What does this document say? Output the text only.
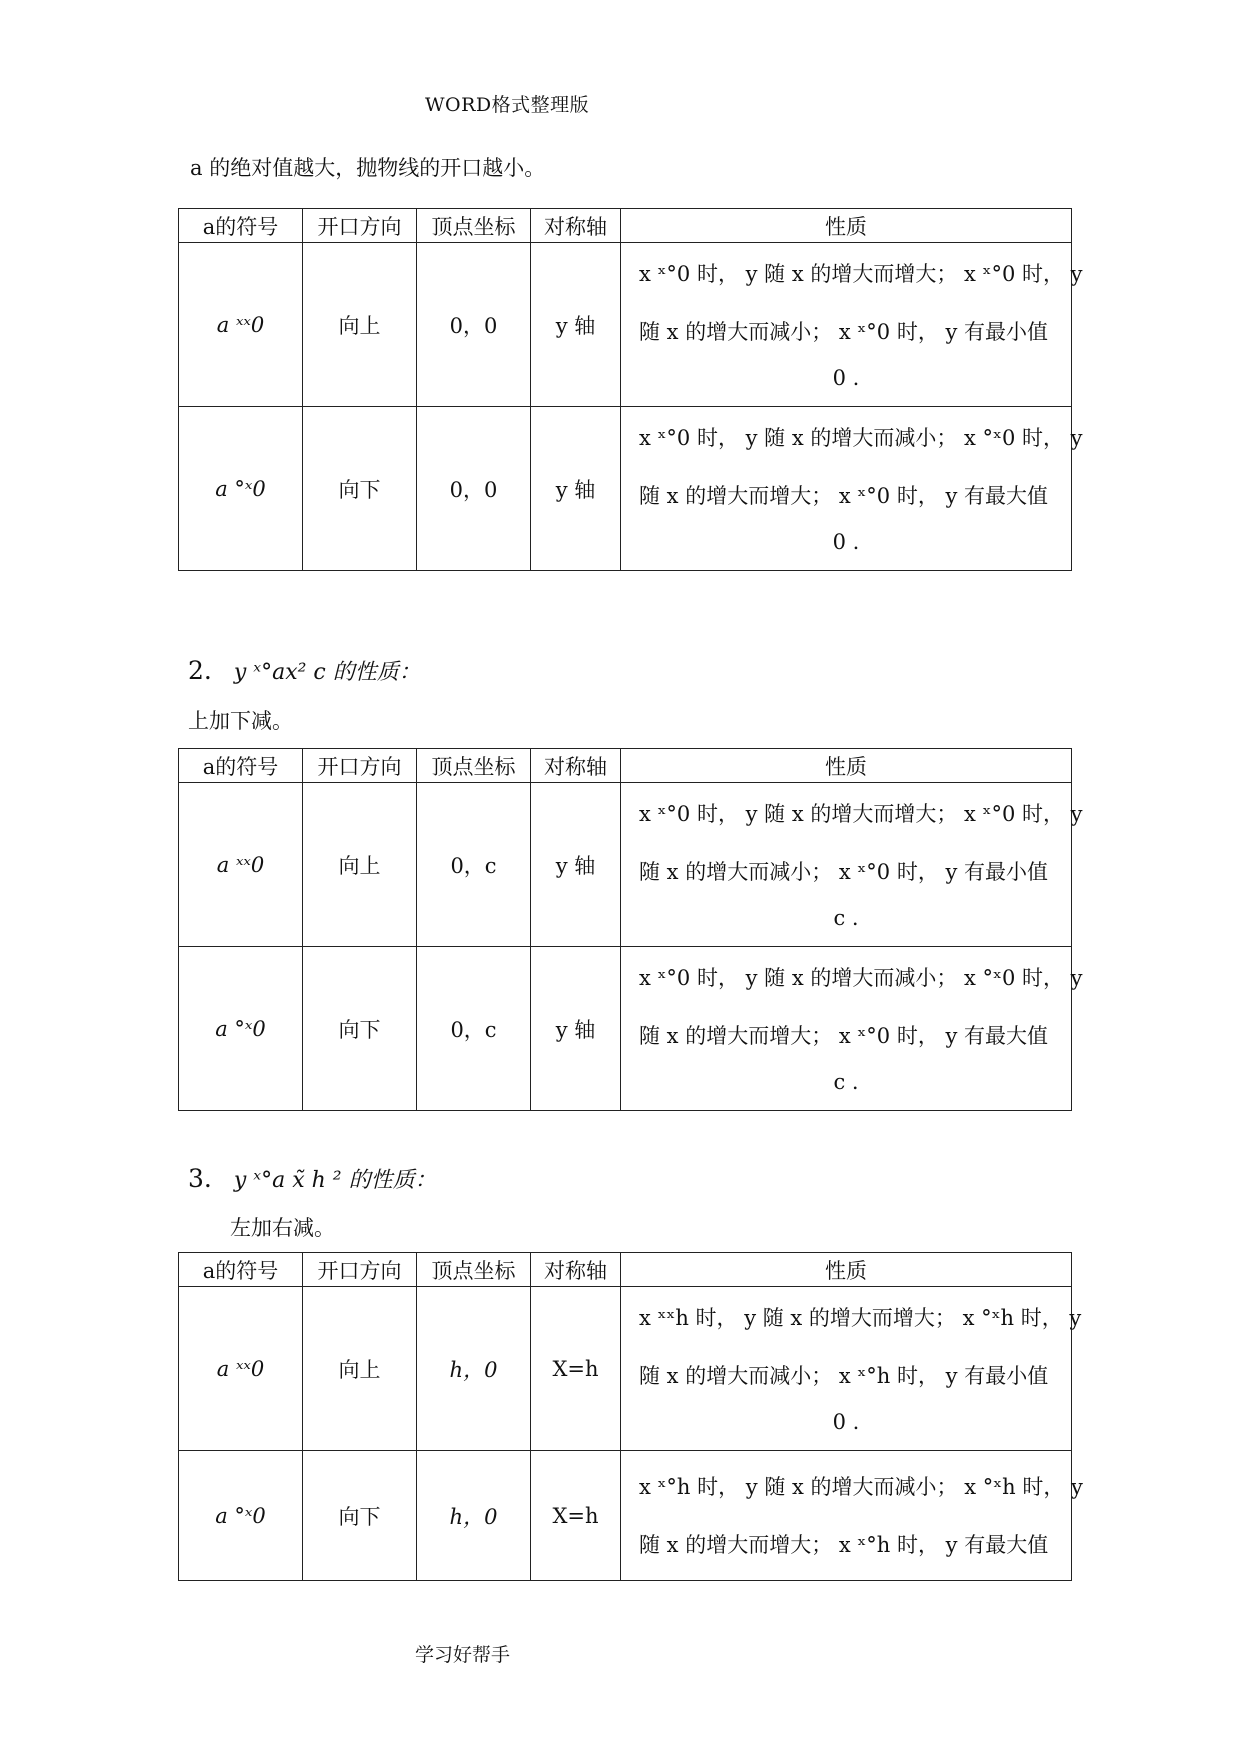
WORD格式整理版
a 的绝对值越大，抛物线的开口越小。
a的符号	开口方向	顶点坐标	对称轴	性质
a ˣˣ0	向上	0，0	y 轴	x ˣ°0 时， y 随 x 的增大而增大； x ˣ°0 时， y
随 x 的增大而减小； x ˣ°0 时， y 有最小值
0 .

a °ˣ0	向下	0，0	y 轴	x ˣ°0 时， y 随 x 的增大而减小； x °ˣ0 时， y
随 x 的增大而增大； x ˣ°0 时， y 有最大值
0 .
2. y ˣ°ax² c 的性质：
上加下减。
a的符号	开口方向	顶点坐标	对称轴	性质
a ˣˣ0	向上	0，c	y 轴	x ˣ°0 时， y 随 x 的增大而增大； x ˣ°0 时， y
随 x 的增大而减小； x ˣ°0 时， y 有最小值
c .

a °ˣ0	向下	0，c	y 轴	x ˣ°0 时， y 随 x 的增大而减小； x °ˣ0 时， y
随 x 的增大而增大； x ˣ°0 时， y 有最大值
c .
3. y ˣ°a x̃ h ² 的性质：
左加右减。
a的符号	开口方向	顶点坐标	对称轴	性质
a ˣˣ0	向上	h，0	X=h	x ˣˣh 时， y 随 x 的增大而增大； x °ˣh 时， y
随 x 的增大而减小； x ˣ°h 时， y 有最小值
0 .

a °ˣ0	向下	h，0	X=h	x ˣ°h 时， y 随 x 的增大而减小； x °ˣh 时， y
随 x 的增大而增大； x ˣ°h 时， y 有最大值
学习好帮手
